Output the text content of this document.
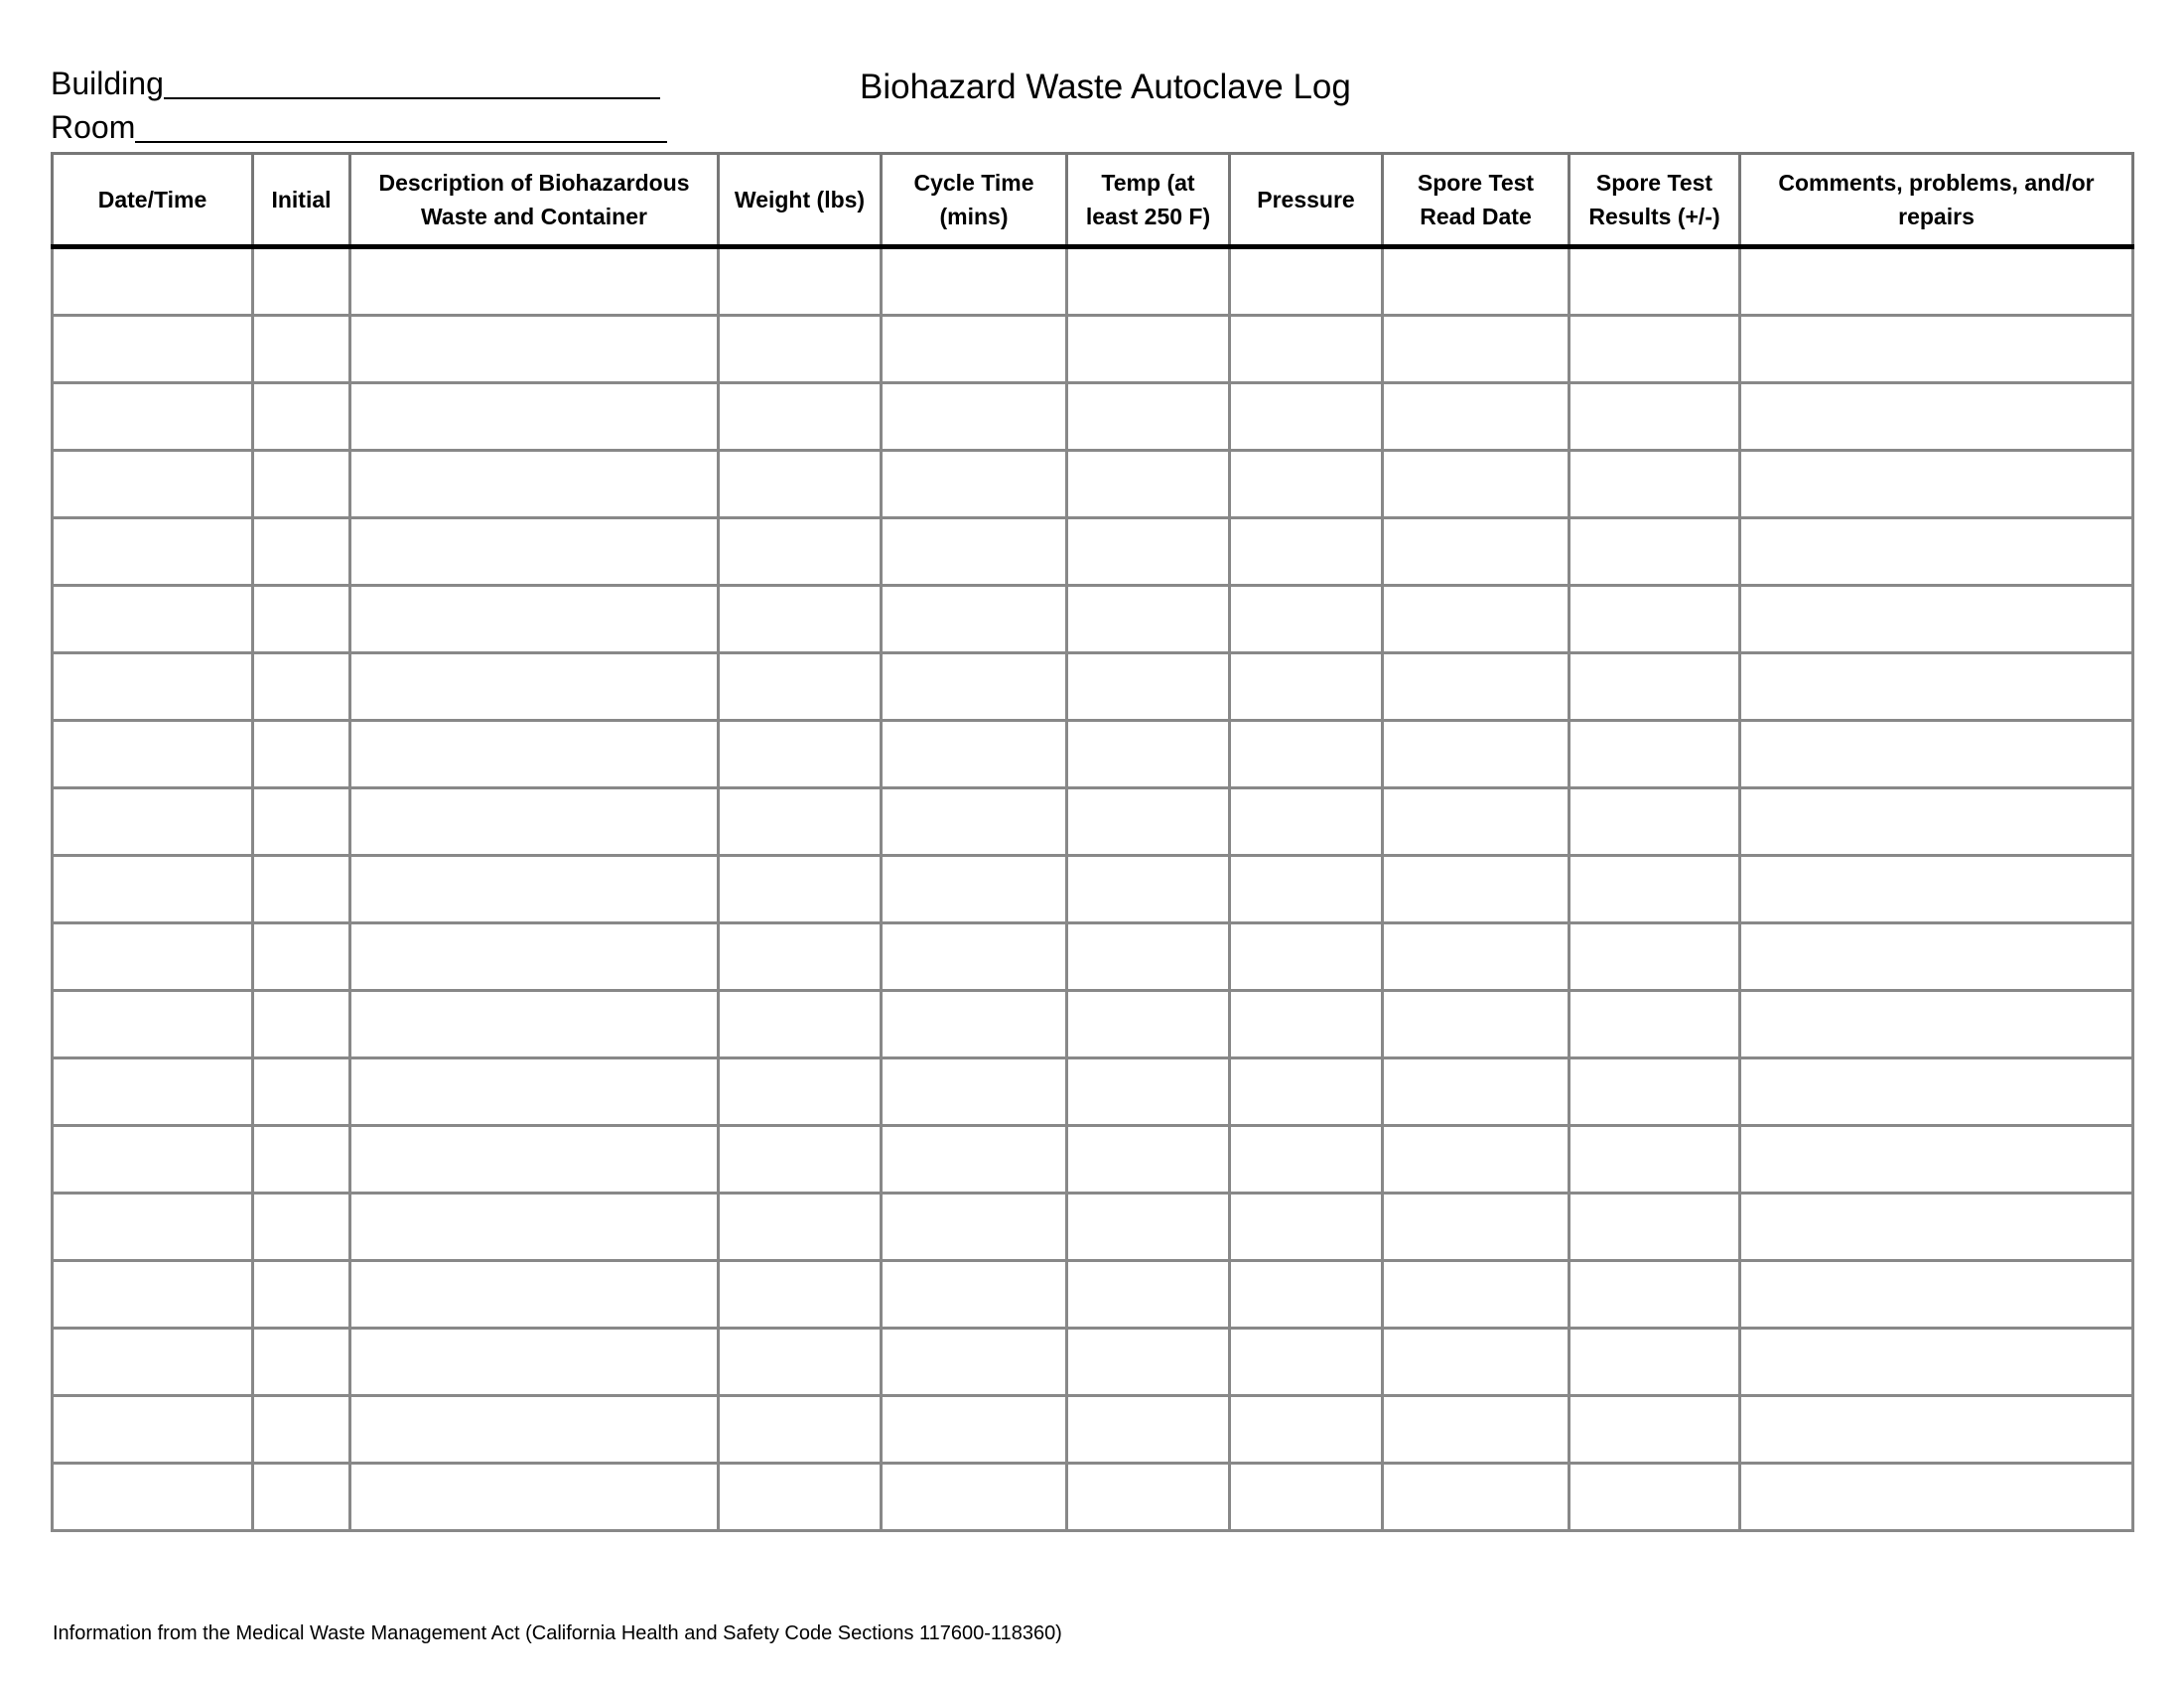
Building
Room
Biohazard Waste Autoclave Log
Date/Time	Initial	Description of Biohazardous Waste and Container	Weight (lbs)	Cycle Time (mins)	Temp (at least 250 F)	Pressure	Spore Test Read Date	Spore Test Results (+/-)	Comments, problems, and/or repairs

Information from the Medical Waste Management Act (California Health and Safety Code Sections 117600-118360)
